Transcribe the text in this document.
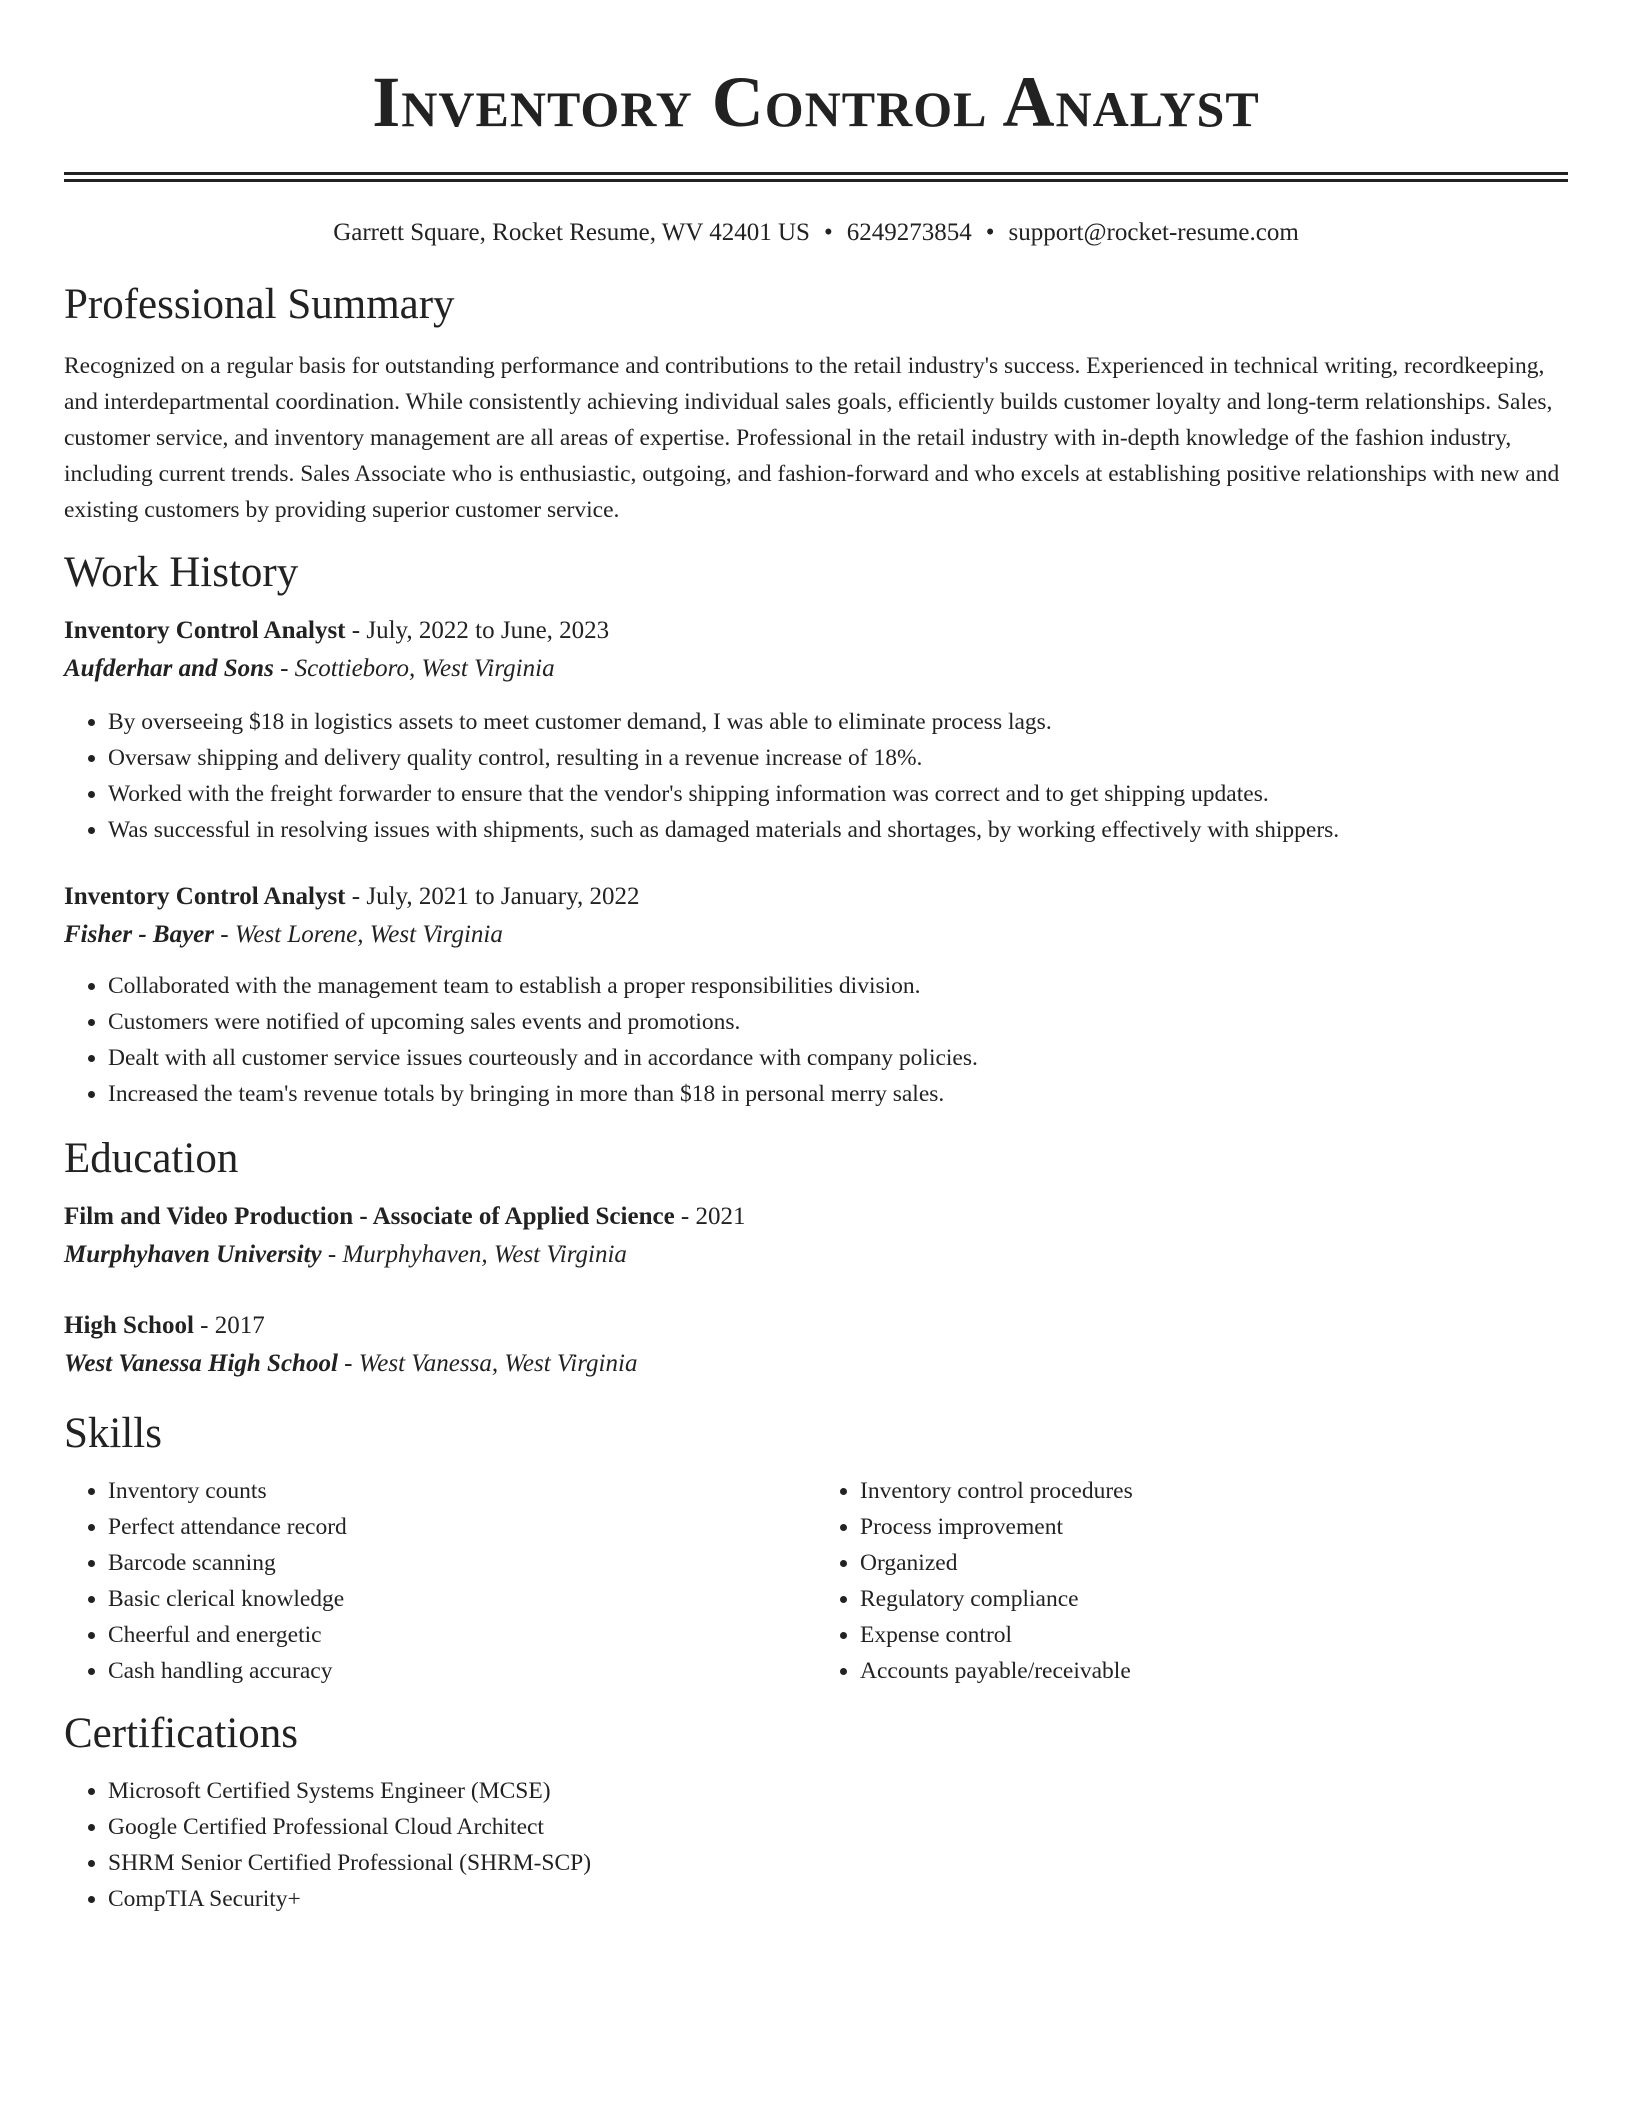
Inventory Control Analyst
Garrett Square, Rocket Resume, WV 42401 US • 6249273854 • support@rocket-resume.com
Professional Summary

Recognized on a regular basis for outstanding performance and contributions to the retail industry's success. Experienced in technical writing, recordkeeping, and interdepartmental coordination. While consistently achieving individual sales goals, efficiently builds customer loyalty and long-term relationships. Sales, customer service, and inventory management are all areas of expertise. Professional in the retail industry with in-depth knowledge of the fashion industry, including current trends. Sales Associate who is enthusiastic, outgoing, and fashion-forward and who excels at establishing positive relationships with new and existing customers by providing superior customer service.

Work History
Inventory Control Analyst - July, 2022 to June, 2023
Aufderhar and Sons - Scottieboro, West Virginia
• By overseeing $18 in logistics assets to meet customer demand, I was able to eliminate process lags.
• Oversaw shipping and delivery quality control, resulting in a revenue increase of 18%.
• Worked with the freight forwarder to ensure that the vendor's shipping information was correct and to get shipping updates.
• Was successful in resolving issues with shipments, such as damaged materials and shortages, by working effectively with shippers.
Inventory Control Analyst - July, 2021 to January, 2022
Fisher - Bayer - West Lorene, West Virginia
• Collaborated with the management team to establish a proper responsibilities division.
• Customers were notified of upcoming sales events and promotions.
• Dealt with all customer service issues courteously and in accordance with company policies.
• Increased the team's revenue totals by bringing in more than $18 in personal merry sales.
Education
Film and Video Production - Associate of Applied Science - 2021
Murphyhaven University - Murphyhaven, West Virginia
High School - 2017
West Vanessa High School - West Vanessa, West Virginia
Skills
• Inventory counts
• Perfect attendance record
• Barcode scanning
• Basic clerical knowledge
• Cheerful and energetic
• Cash handling accuracy
• Inventory control procedures
• Process improvement
• Organized
• Regulatory compliance
• Expense control
• Accounts payable/receivable
Certifications
• Microsoft Certified Systems Engineer (MCSE)
• Google Certified Professional Cloud Architect
• SHRM Senior Certified Professional (SHRM-SCP)
• CompTIA Security+
